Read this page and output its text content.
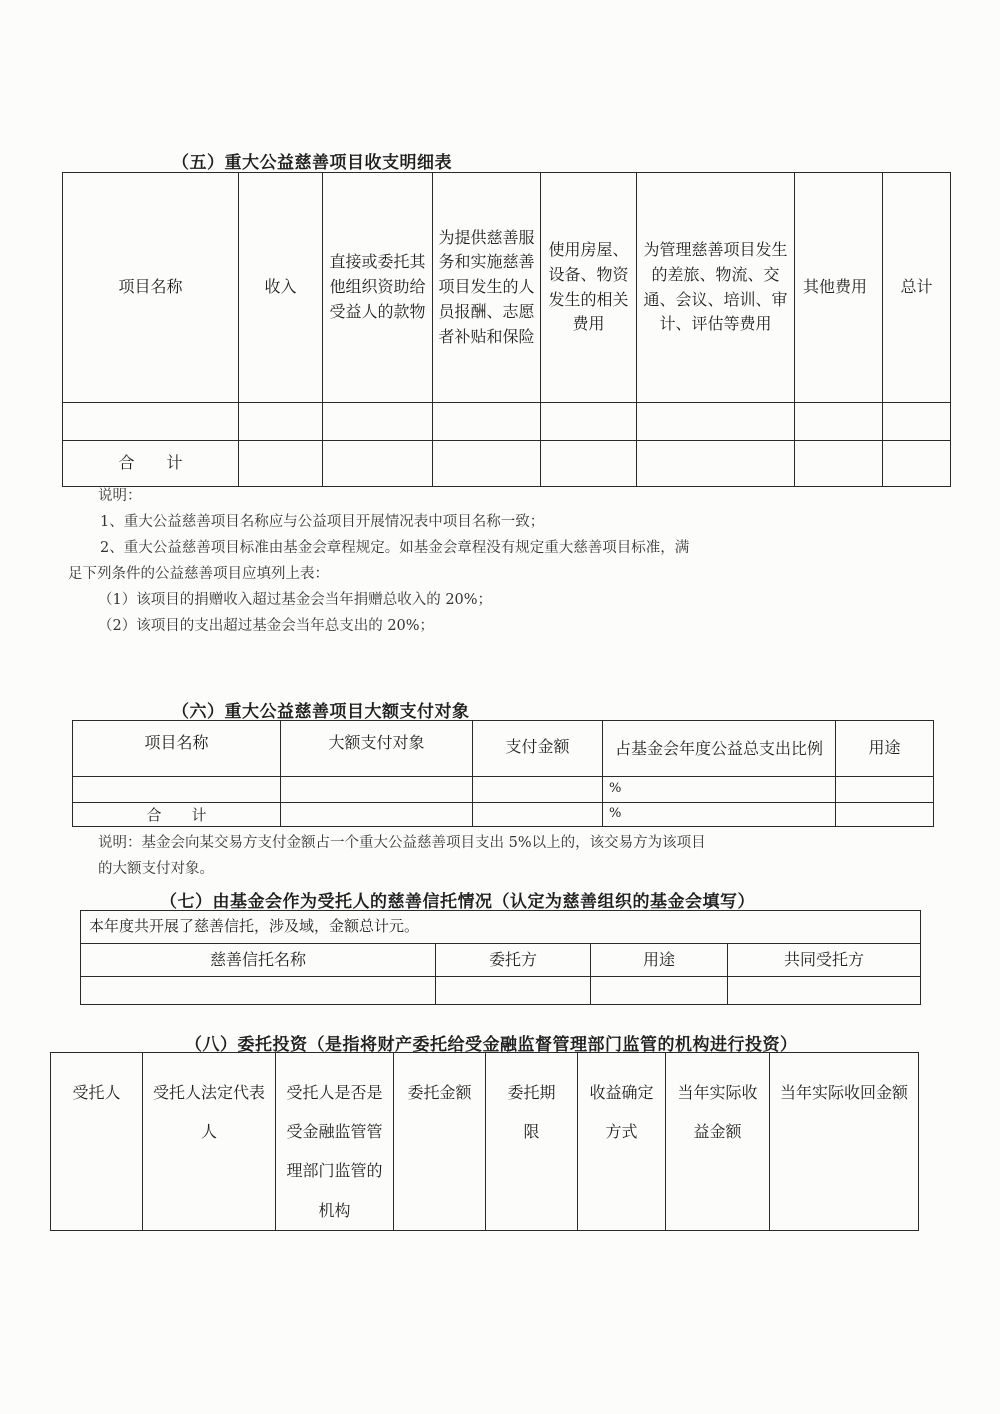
（五）重大公益慈善项目收支明细表
项目名称	收入	直接或委托其他组织资助给受益人的款物	为提供慈善服务和实施慈善项目发生的人员报酬、志愿者补贴和保险	使用房屋、设备、物资发生的相关费用	为管理慈善项目发生的差旅、物流、交通、会议、培训、审计、评估等费用	其他费用	总计

合　　计							

说明：

1、重大公益慈善项目名称应与公益项目开展情况表中项目名称一致；

2、重大公益慈善项目标准由基金会章程规定。如基金会章程没有规定重大慈善项目标准，满

足下列条件的公益慈善项目应填列上表：

（1）该项目的捐赠收入超过基金会当年捐赠总收入的 20%；

（2）该项目的支出超过基金会当年总支出的 20%；

（六）重大公益慈善项目大额支付对象
项目名称	大额支付对象	支付金额	占基金会年度公益总支出比例	用途
			%	
合　　计			%	

说明：基金会向某交易方支付金额占一个重大公益慈善项目支出 5%以上的，该交易方为该项目

的大额支付对象。

（七）由基金会作为受托人的慈善信托情况（认定为慈善组织的基金会填写）
本年度共开展了慈善信托，涉及域，金额总计元。			
慈善信托名称	委托方	用途	共同受托方

（八）委托投资（是指将财产委托给受金融监督管理部门监管的机构进行投资）
受托人	受托人法定代表人	受托人是否是受金融监管管理部门监管的机构	委托金额	委托期限	收益确定方式	当年实际收益金额	当年实际收回金额
